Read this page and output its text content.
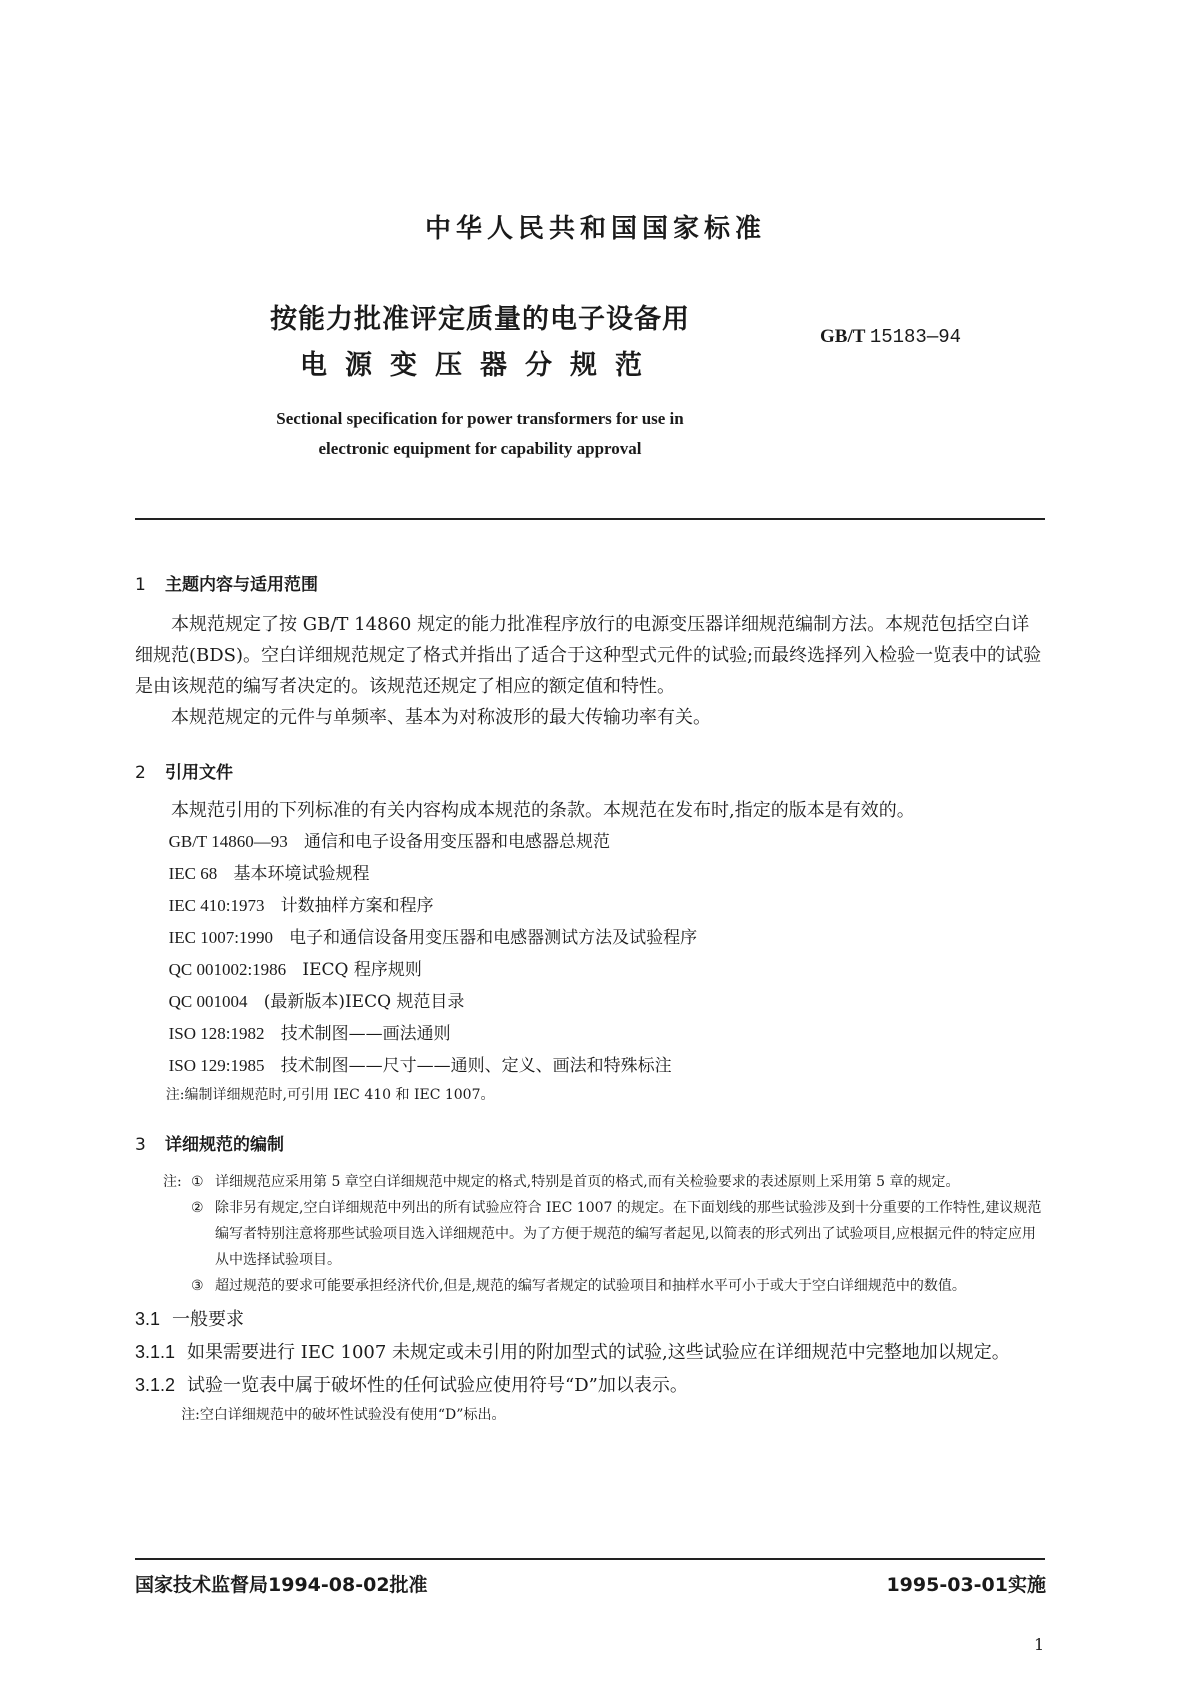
中华人民共和国国家标准
按能力批准评定质量的电子设备用
电源变压器分规范
GB/T 15183—94
Sectional specification for power transformers for use in
electronic equipment for capability approval
1 主题内容与适用范围
本规范规定了按 GB/T 14860 规定的能力批准程序放行的电源变压器详细规范编制方法。本规范包括空白详细规范(BDS)。空白详细规范规定了格式并指出了适合于这种型式元件的试验;而最终选择列入检验一览表中的试验是由该规范的编写者决定的。该规范还规定了相应的额定值和特性。
本规范规定的元件与单频率、基本为对称波形的最大传输功率有关。
2 引用文件
本规范引用的下列标准的有关内容构成本规范的条款。本规范在发布时,指定的版本是有效的。
GB/T 14860—93 通信和电子设备用变压器和电感器总规范
IEC 68 基本环境试验规程
IEC 410:1973 计数抽样方案和程序
IEC 1007:1990 电子和通信设备用变压器和电感器测试方法及试验程序
QC 001002:1986 IECQ 程序规则
QC 001004 (最新版本)IECQ 规范目录
ISO 128:1982 技术制图——画法通则
ISO 129:1985 技术制图——尺寸——通则、定义、画法和特殊标注
注:编制详细规范时,可引用 IEC 410 和 IEC 1007。
3 详细规范的编制
注: ① 详细规范应采用第 5 章空白详细规范中规定的格式,特别是首页的格式,而有关检验要求的表述原则上采用第 5 章的规定。
② 除非另有规定,空白详细规范中列出的所有试验应符合 IEC 1007 的规定。在下面划线的那些试验涉及到十分重要的工作特性,建议规范编写者特别注意将那些试验项目选入详细规范中。为了方便于规范的编写者起见,以简表的形式列出了试验项目,应根据元件的特定应用从中选择试验项目。
③ 超过规范的要求可能要承担经济代价,但是,规范的编写者规定的试验项目和抽样水平可小于或大于空白详细规范中的数值。
3.1 一般要求
3.1.1 如果需要进行 IEC 1007 未规定或未引用的附加型式的试验,这些试验应在详细规范中完整地加以规定。
3.1.2 试验一览表中属于破坏性的任何试验应使用符号“D”加以表示。
注:空白详细规范中的破坏性试验没有使用“D”标出。
国家技术监督局1994-08-02批准	1995-03-01实施
1
